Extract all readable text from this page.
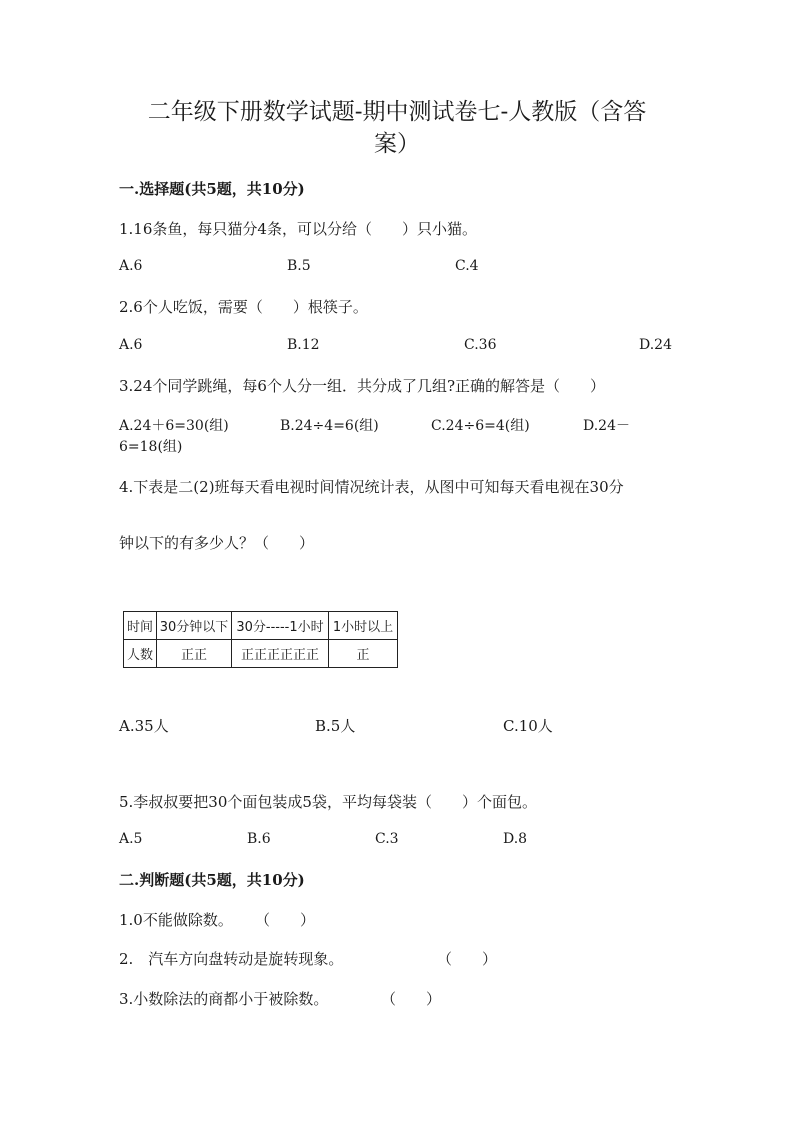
二年级下册数学试题-期中测试卷七-人教版（含答
案）
一.选择题(共5题，共10分)
1.16条鱼，每只猫分4条，可以分给（　　）只小猫。
A.6	B.5	C.4
2.6个人吃饭，需要（　　）根筷子。
A.6	B.12	C.36	D.24
3.24个同学跳绳，每6个人分一组．共分成了几组?正确的解答是（　　）
A.24＋6=30(组)	B.24÷4=6(组)	C.24÷6=4(组)	D.24－
6=18(组)
4.下表是二(2)班每天看电视时间情况统计表，从图中可知每天看电视在30分
钟以下的有多少人？（　　）
时间	30分钟以下	30分-----1小时	1小时以上
人数	正正	正正正正正正	正
A.35人	B.5人	C.10人
5.李叔叔要把30个面包装成5袋，平均每袋装（　　）个面包。
A.5	B.6	C.3	D.8
二.判断题(共5题，共10分)
1.0不能做除数。 （　　）
2.　汽车方向盘转动是旋转现象。	（　　）
3.小数除法的商都小于被除数。	（　　）
